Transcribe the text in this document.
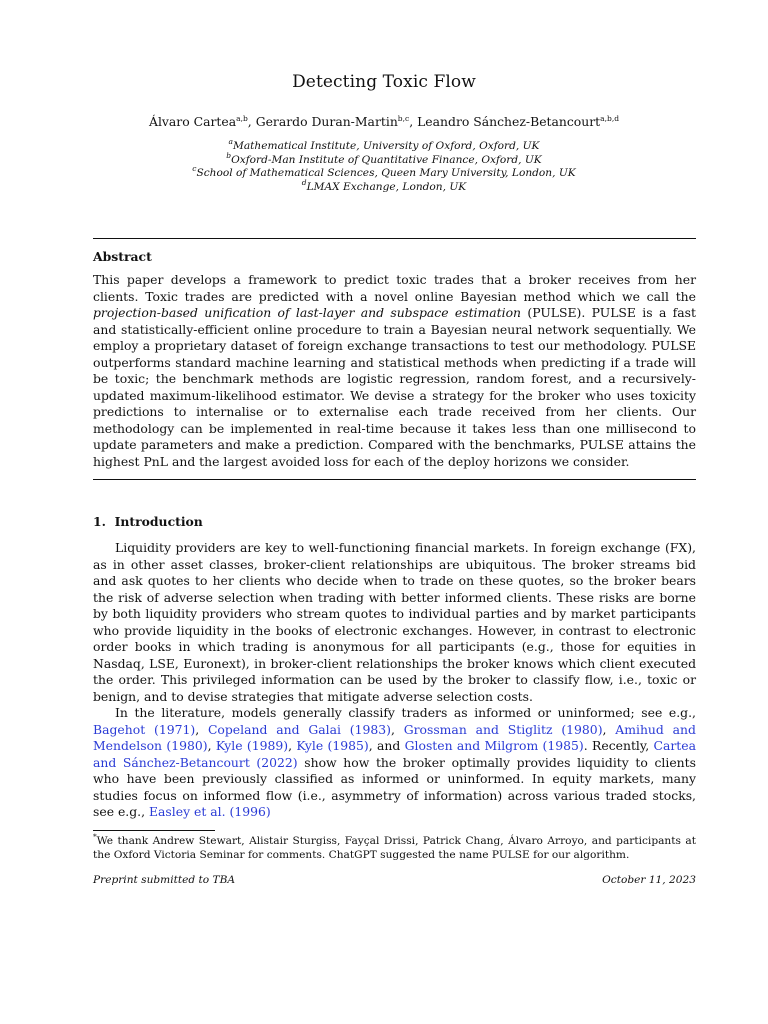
Detecting Toxic Flow
Álvaro Cartea$^{a,b}$, Gerardo Duran-Martin$^{b,c}$, Leandro Sánchez-Betancourt$^{a,b,d}$
$^a$Mathematical Institute, University of Oxford, Oxford, UK
$^b$Oxford-Man Institute of Quantitative Finance, Oxford, UK
$^c$School of Mathematical Sciences, Queen Mary University, London, UK
$^d$LMAX Exchange, London, UK
Abstract
This paper develops a framework to predict toxic trades that a broker receives from her clients. Toxic trades are predicted with a novel online Bayesian method which we call the projection-based unification of last-layer and subspace estimation (PULSE). PULSE is a fast and statistically-efficient online procedure to train a Bayesian neural network sequentially. We employ a proprietary dataset of foreign exchange transactions to test our methodology. PULSE outperforms standard machine learning and statistical methods when predicting if a trade will be toxic; the benchmark methods are logistic regression, random forest, and a recursively-updated maximum-likelihood estimator. We devise a strategy for the broker who uses toxicity predictions to internalise or to externalise each trade received from her clients. Our methodology can be implemented in real-time because it takes less than one millisecond to update parameters and make a prediction. Compared with the benchmarks, PULSE attains the highest PnL and the largest avoided loss for each of the deploy horizons we consider.
1. Introduction

Liquidity providers are key to well-functioning financial markets. In foreign exchange (FX), as in other asset classes, broker-client relationships are ubiquitous. The broker streams bid and ask quotes to her clients who decide when to trade on these quotes, so the broker bears the risk of adverse selection when trading with better informed clients. These risks are borne by both liquidity providers who stream quotes to individual parties and by market participants who provide liquidity in the books of electronic exchanges. However, in contrast to electronic order books in which trading is anonymous for all participants (e.g., those for equities in Nasdaq, LSE, Euronext), in broker-client relationships the broker knows which client executed the order. This privileged information can be used by the broker to classify flow, i.e., toxic or benign, and to devise strategies that mitigate adverse selection costs.

In the literature, models generally classify traders as informed or uninformed; see e.g., Bagehot (1971), Copeland and Galai (1983), Grossman and Stiglitz (1980), Amihud and Mendelson (1980), Kyle (1989), Kyle (1985), and Glosten and Milgrom (1985). Recently, Cartea and Sánchez-Betancourt (2022) show how the broker optimally provides liquidity to clients who have been previously classified as informed or uninformed. In equity markets, many studies focus on informed flow (i.e., asymmetry of information) across various traded stocks, see e.g., Easley et al. (1996)

*We thank Andrew Stewart, Alistair Sturgiss, Fayçal Drissi, Patrick Chang, Álvaro Arroyo, and participants at the Oxford Victoria Seminar for comments. ChatGPT suggested the name PULSE for our algorithm.
Preprint submitted to TBA	October 11, 2023
